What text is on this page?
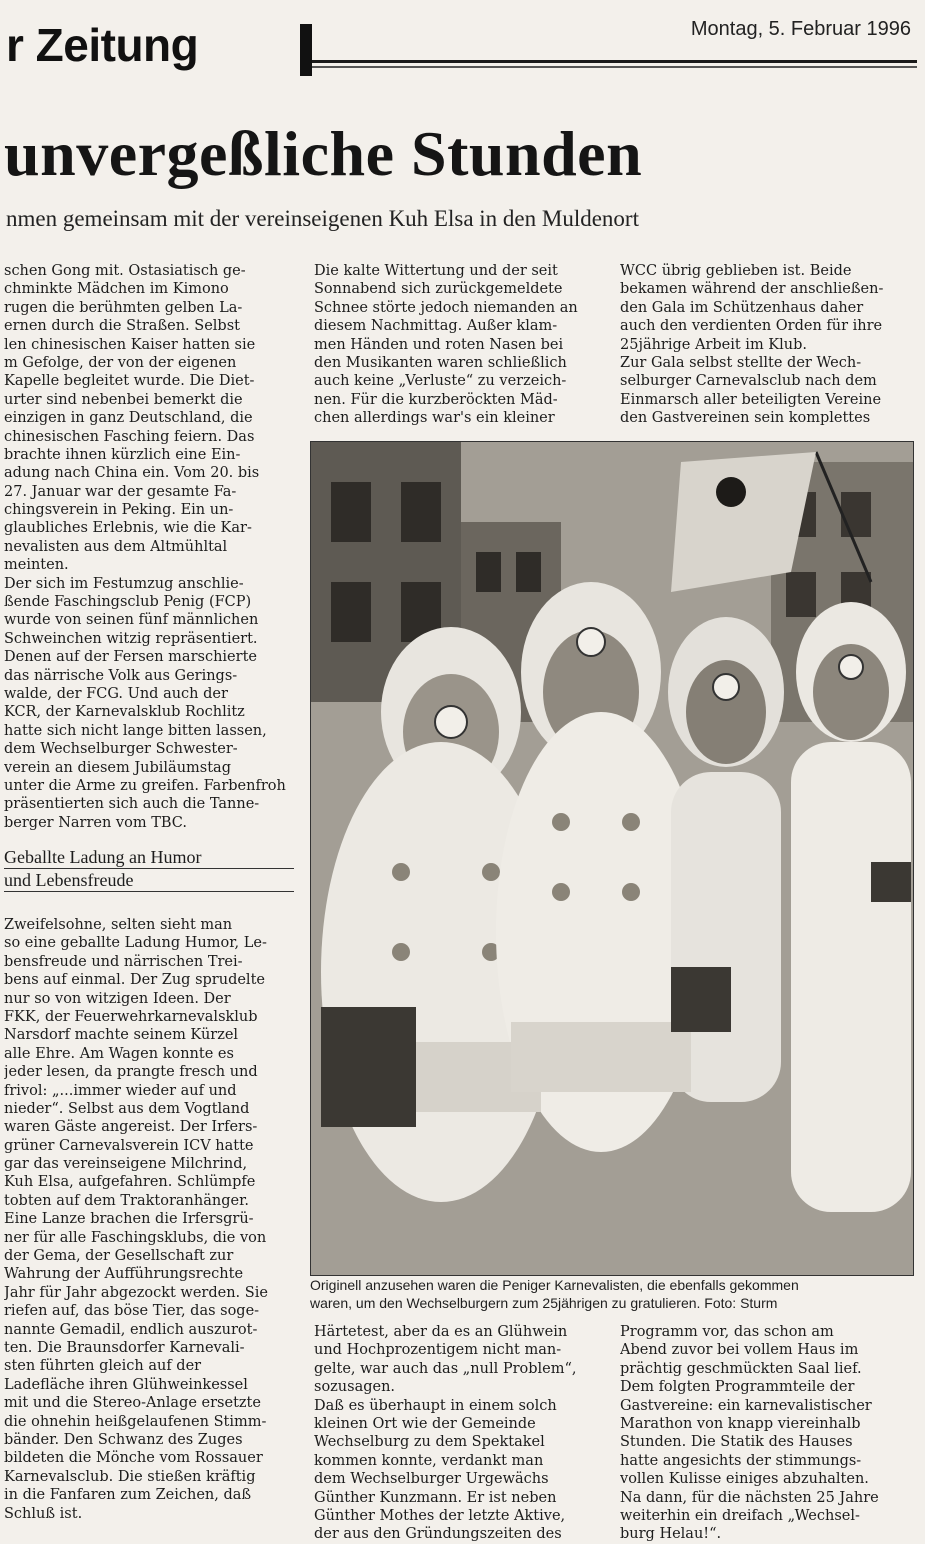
r Zeitung	Montag, 5. Februar 1996
unvergeßliche Stunden
nmen gemeinsam mit der vereinseigenen Kuh Elsa in den Muldenort
schen Gong mit. Ostasiatisch ge-
chminkte Mädchen im Kimono
rugen die berühmten gelben La-
ernen durch die Straßen. Selbst
len chinesischen Kaiser hatten sie
m Gefolge, der von der eigenen
Kapelle begleitet wurde. Die Diet-
urter sind nebenbei bemerkt die
einzigen in ganz Deutschland, die
chinesischen Fasching feiern. Das
brachte ihnen kürzlich eine Ein-
adung nach China ein. Vom 20. bis
27. Januar war der gesamte Fa-
chingsverein in Peking. Ein un-
glaubliches Erlebnis, wie die Kar-
nevalisten aus dem Altmühltal
meinten.
Der sich im Festumzug anschlie-
ßende Faschingsclub Penig (FCP)
wurde von seinen fünf männlichen
Schweinchen witzig repräsentiert.
Denen auf der Fersen marschierte
das närrische Volk aus Gerings-
walde, der FCG. Und auch der
KCR, der Karnevalsklub Rochlitz
hatte sich nicht lange bitten lassen,
dem Wechselburger Schwester-
verein an diesem Jubiläumstag
unter die Arme zu greifen. Farbenfroh
präsentierten sich auch die Tanne-
berger Narren vom TBC.
Geballte Ladung an Humor
und Lebensfreude
Zweifelsohne, selten sieht man
so eine geballte Ladung Humor, Le-
bensfreude und närrischen Trei-
bens auf einmal. Der Zug sprudelte
nur so von witzigen Ideen. Der
FKK, der Feuerwehrkarnevalsklub
Narsdorf machte seinem Kürzel
alle Ehre. Am Wagen konnte es
jeder lesen, da prangte fresch und
frivol: „...immer wieder auf und
nieder“. Selbst aus dem Vogtland
waren Gäste angereist. Der Irfers-
grüner Carnevalsverein ICV hatte
gar das vereinseigene Milchrind,
Kuh Elsa, aufgefahren. Schlümpfe
tobten auf dem Traktoranhänger.
Eine Lanze brachen die Irfersgrü-
ner für alle Faschingsklubs, die von
der Gema, der Gesellschaft zur
Wahrung der Aufführungsrechte
Jahr für Jahr abgezockt werden. Sie
riefen auf, das böse Tier, das soge-
nannte Gemadil, endlich auszurot-
ten. Die Braunsdorfer Karnevali-
sten führten gleich auf der
Ladefläche ihren Glühweinkessel
mit und die Stereo-Anlage ersetzte
die ohnehin heißgelaufenen Stimm-
bänder. Den Schwanz des Zuges
bildeten die Mönche vom Rossauer
Karnevalsclub. Die stießen kräftig
in die Fanfaren zum Zeichen, daß
Schluß ist.
Die kalte Wittertung und der seit
Sonnabend sich zurückgemeldete
Schnee störte jedoch niemanden an
diesem Nachmittag. Außer klam-
men Händen und roten Nasen bei
den Musikanten waren schließlich
auch keine „Verluste“ zu verzeich-
nen. Für die kurzberöckten Mäd-
chen allerdings war's ein kleiner
WCC übrig geblieben ist. Beide
bekamen während der anschließen-
den Gala im Schützenhaus daher
auch den verdienten Orden für ihre
25jährige Arbeit im Klub.
Zur Gala selbst stellte der Wech-
selburger Carnevalsclub nach dem
Einmarsch aller beteiligten Vereine
den Gastvereinen sein komplettes
Originell anzusehen waren die Peniger Karnevalisten, die ebenfalls gekommen
waren, um den Wechselburgern zum 25jährigen zu gratulieren. Foto: Sturm
Härtetest, aber da es an Glühwein
und Hochprozentigem nicht man-
gelte, war auch das „null Problem“,
sozusagen.
Daß es überhaupt in einem solch
kleinen Ort wie der Gemeinde
Wechselburg zu dem Spektakel
kommen konnte, verdankt man
dem Wechselburger Urgewächs
Günther Kunzmann. Er ist neben
Günther Mothes der letzte Aktive,
der aus den Gründungszeiten des
Programm vor, das schon am
Abend zuvor bei vollem Haus im
prächtig geschmückten Saal lief.
Dem folgten Programmteile der
Gastvereine: ein karnevalistischer
Marathon von knapp viereinhalb
Stunden. Die Statik des Hauses
hatte angesichts der stimmungs-
vollen Kulisse einiges abzuhalten.
Na dann, für die nächsten 25 Jahre
weiterhin ein dreifach „Wechsel-
burg Helau!“.
